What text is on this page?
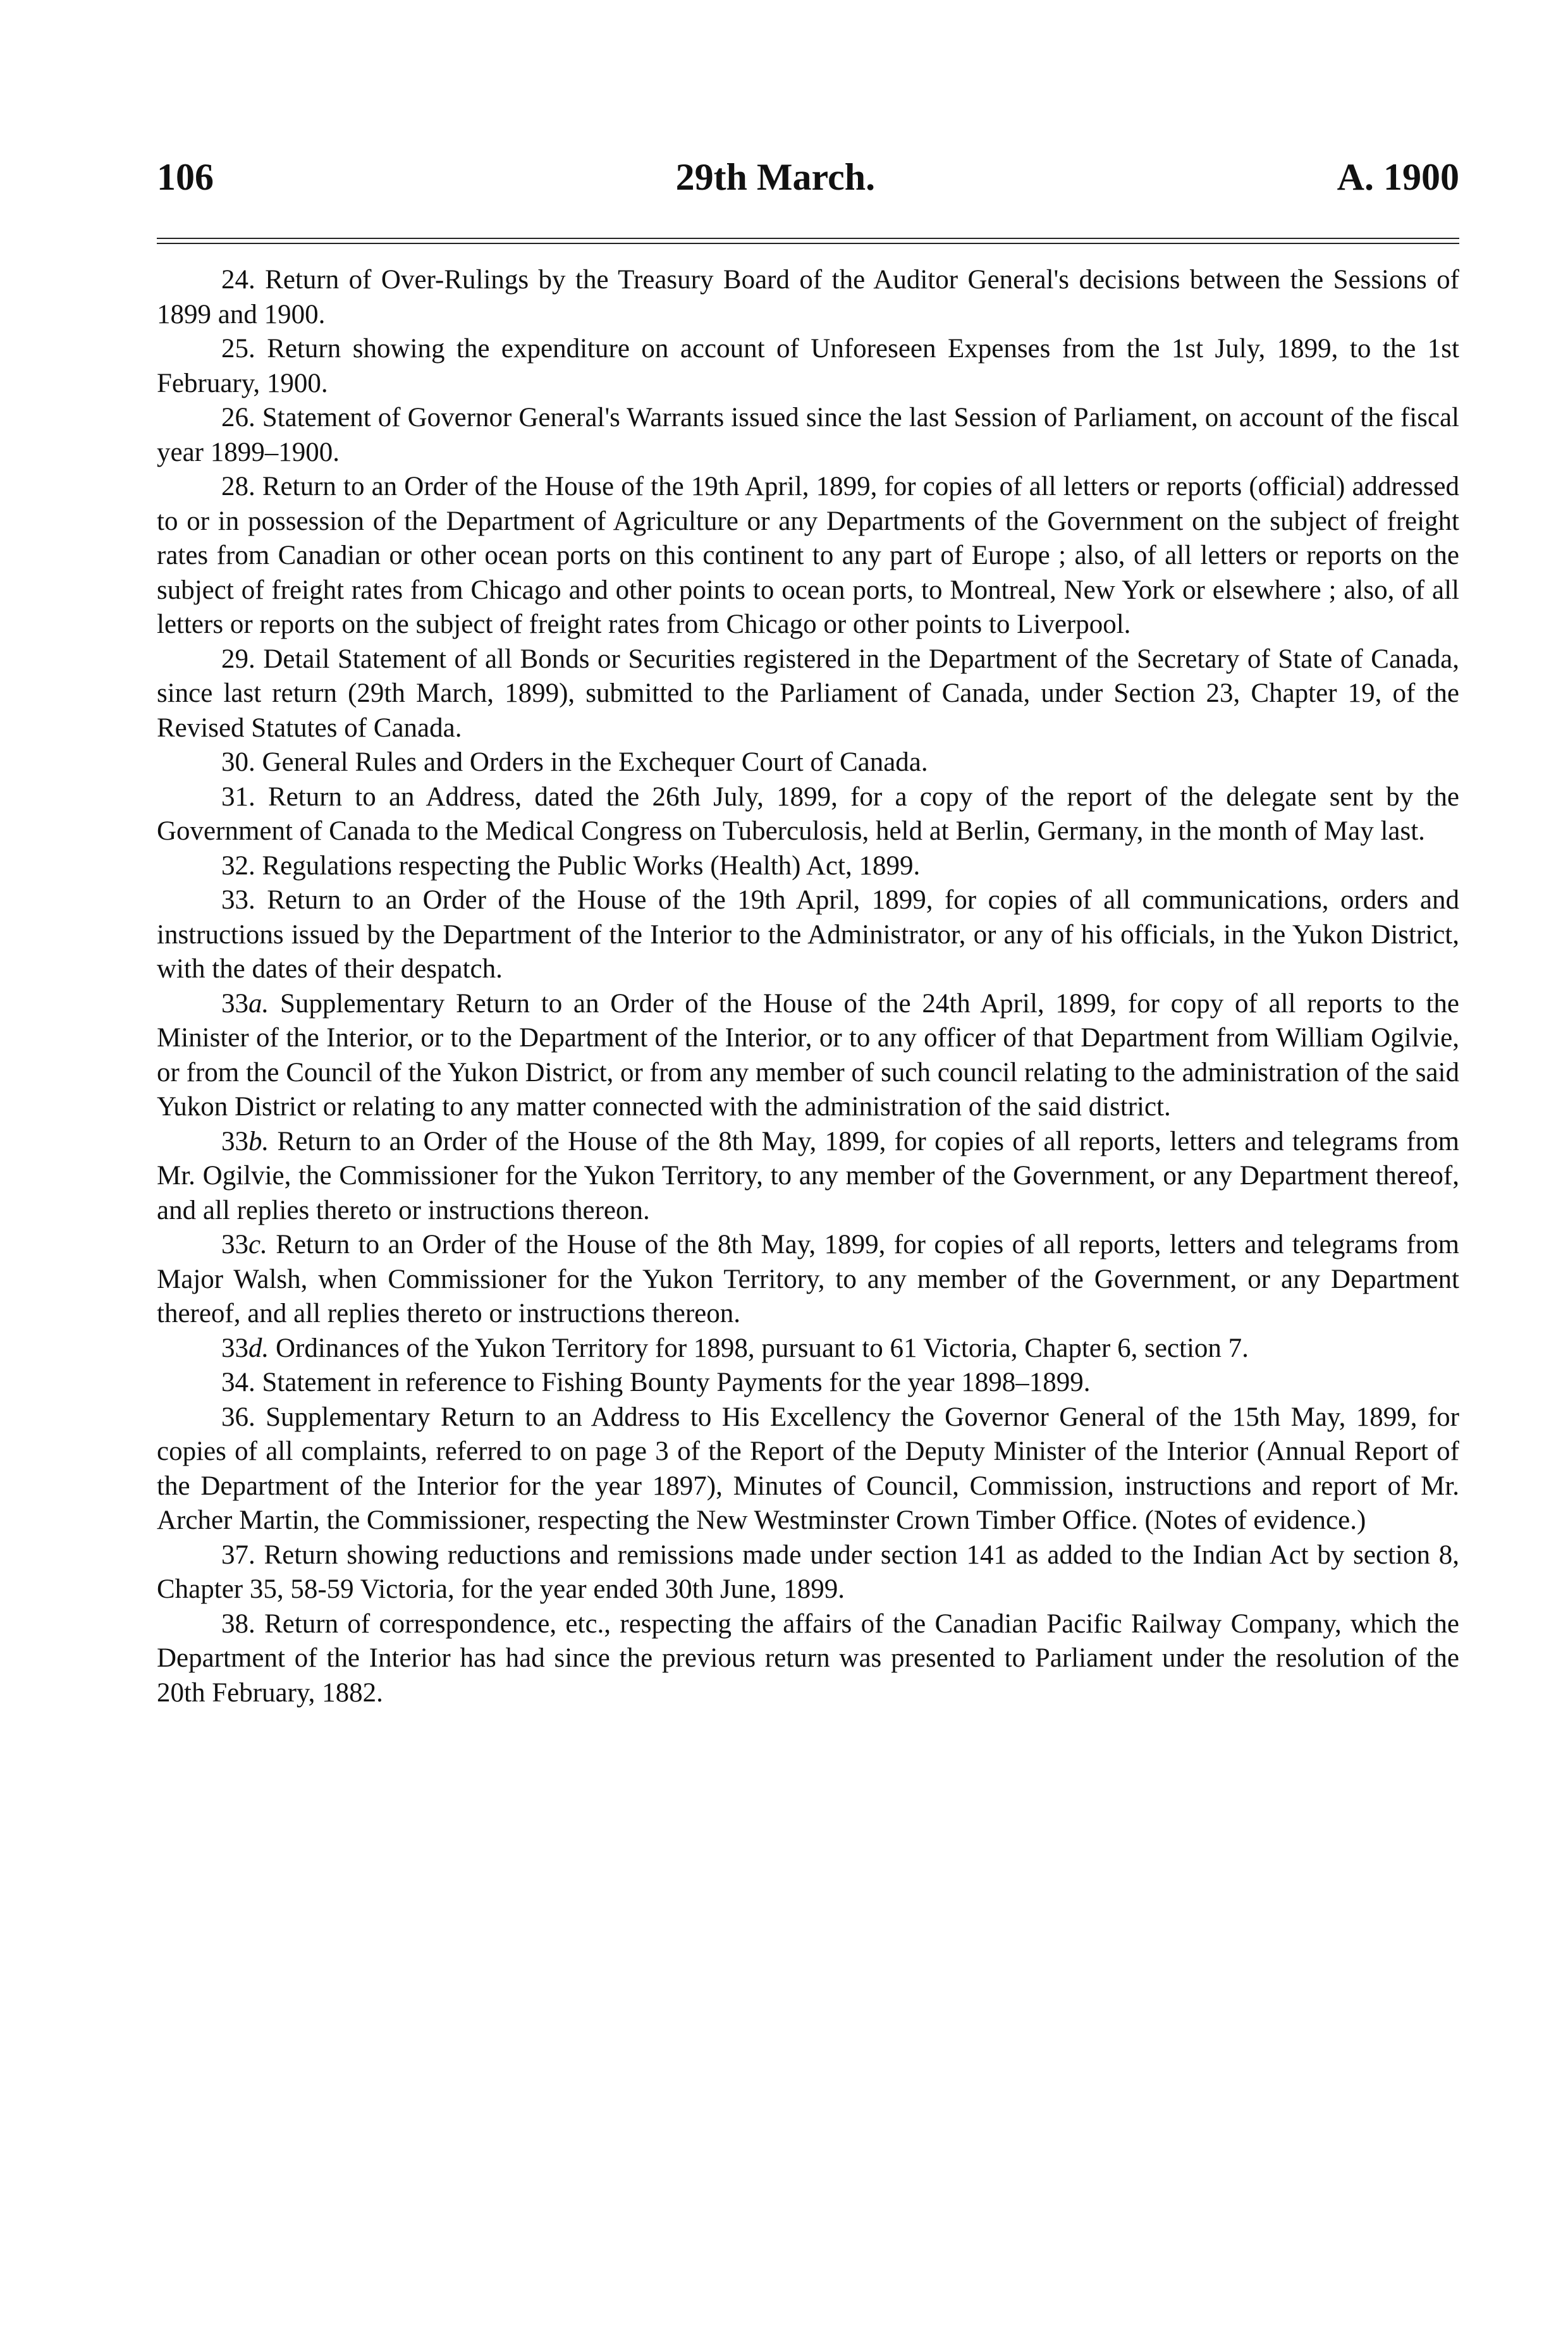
106	29th March.	A. 1900

24. Return of Over-Rulings by the Treasury Board of the Auditor General's decisions between the Sessions of 1899 and 1900.

25. Return showing the expenditure on account of Unforeseen Expenses from the 1st July, 1899, to the 1st February, 1900.

26. Statement of Governor General's Warrants issued since the last Session of Parliament, on account of the fiscal year 1899–1900.

28. Return to an Order of the House of the 19th April, 1899, for copies of all letters or reports (official) addressed to or in possession of the Department of Agriculture or any Departments of the Government on the subject of freight rates from Canadian or other ocean ports on this continent to any part of Europe ; also, of all letters or reports on the subject of freight rates from Chicago and other points to ocean ports, to Montreal, New York or elsewhere ; also, of all letters or reports on the subject of freight rates from Chicago or other points to Liverpool.

29. Detail Statement of all Bonds or Securities registered in the Department of the Secretary of State of Canada, since last return (29th March, 1899), submitted to the Parliament of Canada, under Section 23, Chapter 19, of the Revised Statutes of Canada.

30. General Rules and Orders in the Exchequer Court of Canada.

31. Return to an Address, dated the 26th July, 1899, for a copy of the report of the delegate sent by the Government of Canada to the Medical Congress on Tuberculosis, held at Berlin, Germany, in the month of May last.

32. Regulations respecting the Public Works (Health) Act, 1899.

33. Return to an Order of the House of the 19th April, 1899, for copies of all communications, orders and instructions issued by the Department of the Interior to the Administrator, or any of his officials, in the Yukon District, with the dates of their despatch.

33a. Supplementary Return to an Order of the House of the 24th April, 1899, for copy of all reports to the Minister of the Interior, or to the Department of the Interior, or to any officer of that Department from William Ogilvie, or from the Council of the Yukon District, or from any member of such council relating to the administration of the said Yukon District or relating to any matter connected with the administration of the said district.

33b. Return to an Order of the House of the 8th May, 1899, for copies of all reports, letters and telegrams from Mr. Ogilvie, the Commissioner for the Yukon Territory, to any member of the Government, or any Department thereof, and all replies thereto or instructions thereon.

33c. Return to an Order of the House of the 8th May, 1899, for copies of all reports, letters and telegrams from Major Walsh, when Commissioner for the Yukon Territory, to any member of the Government, or any Department thereof, and all replies thereto or instructions thereon.

33d. Ordinances of the Yukon Territory for 1898, pursuant to 61 Victoria, Chapter 6, section 7.

34. Statement in reference to Fishing Bounty Payments for the year 1898–1899.

36. Supplementary Return to an Address to His Excellency the Governor General of the 15th May, 1899, for copies of all complaints, referred to on page 3 of the Report of the Deputy Minister of the Interior (Annual Report of the Department of the Interior for the year 1897), Minutes of Council, Commission, instructions and report of Mr. Archer Martin, the Commissioner, respecting the New Westminster Crown Timber Office. (Notes of evidence.)

37. Return showing reductions and remissions made under section 141 as added to the Indian Act by section 8, Chapter 35, 58-59 Victoria, for the year ended 30th June, 1899.

38. Return of correspondence, etc., respecting the affairs of the Canadian Pacific Railway Company, which the Department of the Interior has had since the previous return was presented to Parliament under the resolution of the 20th February, 1882.
